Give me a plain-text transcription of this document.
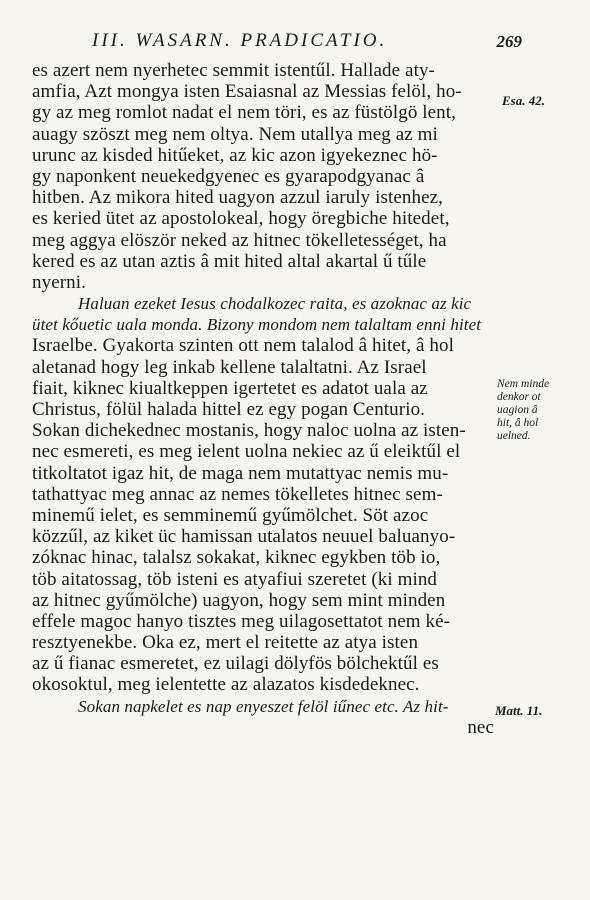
III. WASARN. PRADICATIO.	269
es azert nem nyerhetec semmit istentűl. Hallade aty-
amfia, Azt mongya isten Esaiasnal az Messias felöl, ho-
gy az meg romlot nadat el nem töri, es az füstölgö lent,
auagy szöszt meg nem oltya. Nem utallya meg az mi
urunc az kisded hitűeket, az kic azon igyekeznec hö-
gy naponkent neuekedgyenec es gyarapodgyanac â
hitben. Az mikora hited uagyon azzul iaruly istenhez,
es keried ütet az apostolokeal, hogy öregbiche hitedet,
meg aggya elöször neked az hitnec tökelletességet, ha
kered es az utan aztis â mit hited altal akartal ű tűle
nyerni.
Haluan ezeket Iesus chodalkozec raita, es azoknac az kic
ütet kőuetic uala monda. Bizony mondom nem talaltam enni hitet
Israelbe. Gyakorta szinten ott nem talalod â hitet, â hol
aletanad hogy leg inkab kellene talaltatni. Az Israel
fiait, kiknec kiualtkeppen igertetet es adatot uala az
Christus, fölül halada hittel ez egy pogan Centurio.
Sokan dichekednec mostanis, hogy naloc uolna az isten-
nec esmereti, es meg ielent uolna nekiec az ű eleiktűl el
titkoltatot igaz hit, de maga nem mutattyac nemis mu-
tathattyac meg annac az nemes tökelletes hitnec sem-
minemű ielet, es semminemű gyűmölchet. Söt azoc
közzűl, az kiket üc hamissan utalatos neuuel baluanyo-
zóknac hinac, talalsz sokakat, kiknec egykben töb io,
töb aitatossag, töb isteni es atyafiui szeretet (ki mind
az hitnec gyűmölche) uagyon, hogy sem mint minden
effele magoc hanyo tisztes meg uilagosettatot nem ké-
resztyenekbe. Oka ez, mert el reitette az atya isten
az ű fianac esmeretet, ez uilagi dölyfös bölchektűl es
okosoktul, meg ielentette az alazatos kisdedeknec.
Sokan napkelet es nap enyeszet felöl iűnec etc. Az hit-
nec
Esa. 42.
Nem minde
denkor ot
uagion â
hit, â hol
uelned.
Matt. 11.
